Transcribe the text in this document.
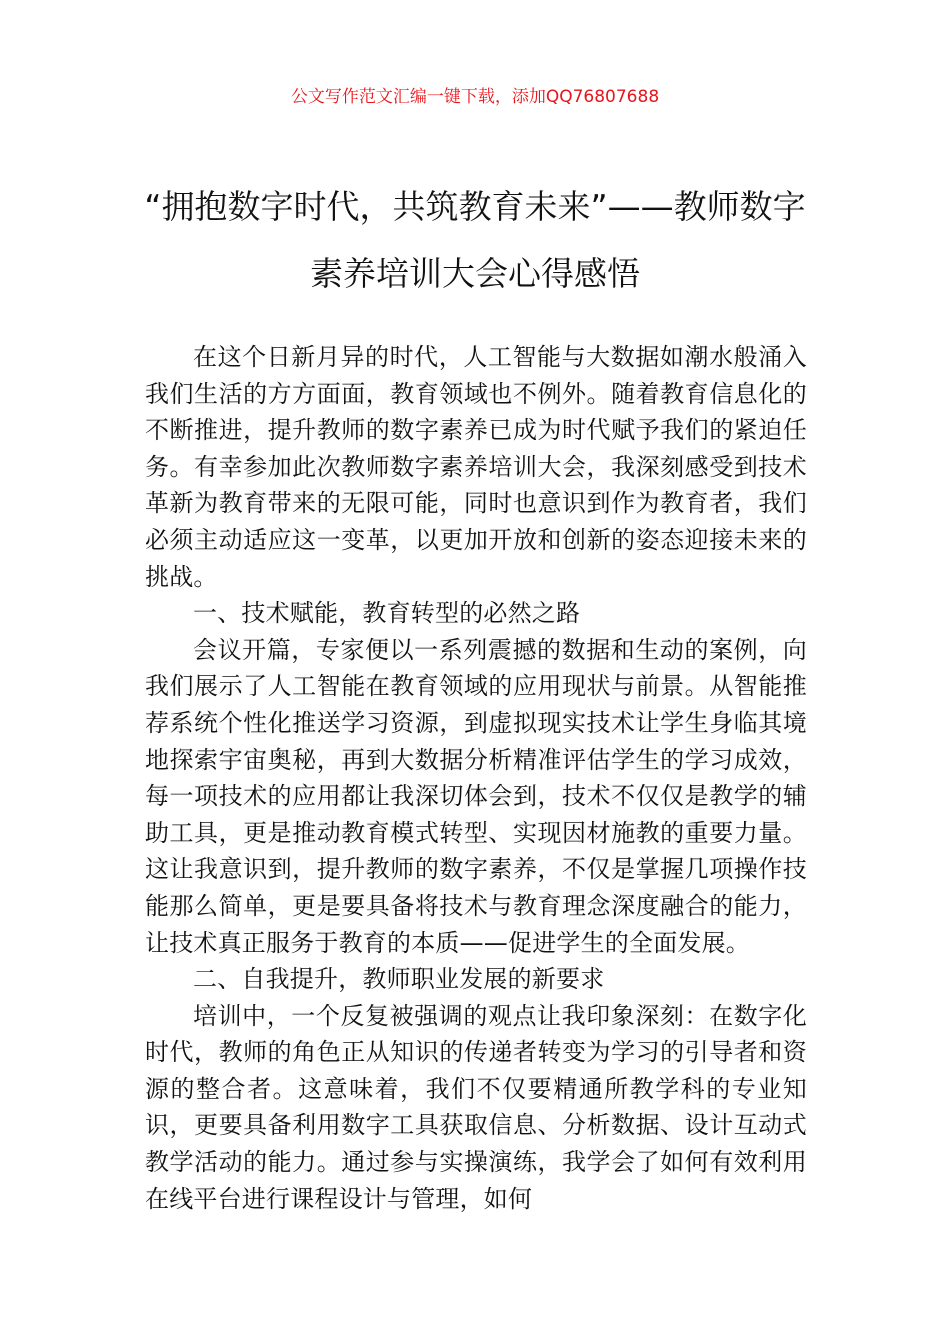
公文写作范文汇编一键下载，添加QQ76807688
“拥抱数字时代，共筑教育未来”——教师数字素养培训大会心得感悟

在这个日新月异的时代，人工智能与大数据如潮水般涌入我们生活的方方面面，教育领域也不例外。随着教育信息化的不断推进，提升教师的数字素养已成为时代赋予我们的紧迫任务。有幸参加此次教师数字素养培训大会，我深刻感受到技术革新为教育带来的无限可能，同时也意识到作为教育者，我们必须主动适应这一变革，以更加开放和创新的姿态迎接未来的挑战。

一、技术赋能，教育转型的必然之路

会议开篇，专家便以一系列震撼的数据和生动的案例，向我们展示了人工智能在教育领域的应用现状与前景。从智能推荐系统个性化推送学习资源，到虚拟现实技术让学生身临其境地探索宇宙奥秘，再到大数据分析精准评估学生的学习成效，每一项技术的应用都让我深切体会到，技术不仅仅是教学的辅助工具，更是推动教育模式转型、实现因材施教的重要力量。这让我意识到，提升教师的数字素养，不仅是掌握几项操作技能那么简单，更是要具备将技术与教育理念深度融合的能力，让技术真正服务于教育的本质——促进学生的全面发展。

二、自我提升，教师职业发展的新要求

培训中，一个反复被强调的观点让我印象深刻：在数字化时代，教师的角色正从知识的传递者转变为学习的引导者和资源的整合者。这意味着，我们不仅要精通所教学科的专业知识，更要具备利用数字工具获取信息、分析数据、设计互动式教学活动的能力。通过参与实操演练，我学会了如何有效利用在线平台进行课程设计与管理，如何
